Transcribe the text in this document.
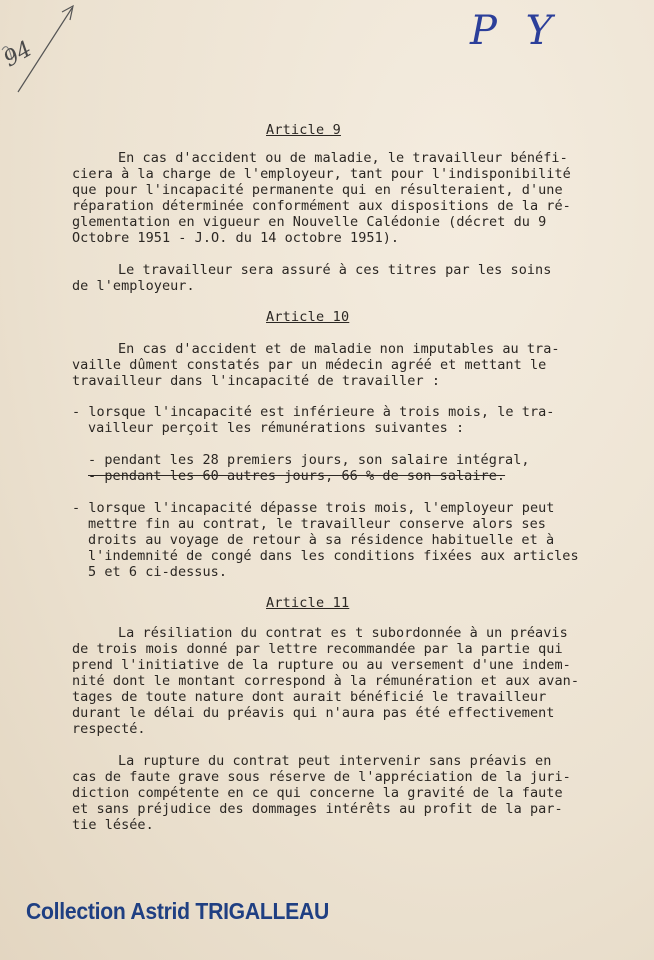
94
P Y
Article 9
En cas d'accident ou de maladie, le travailleur bénéfi-
ciera à la charge de l'employeur, tant pour l'indisponibilité
que pour l'incapacité permanente qui en résulteraient, d'une
réparation déterminée conformément aux dispositions de la ré-
glementation en vigueur en Nouvelle Calédonie (décret du 9
Octobre 1951 - J.O. du 14 octobre 1951).
Le travailleur sera assuré à ces titres par les soins
de l'employeur.
Article 10
En cas d'accident et de maladie non imputables au tra-
vaille dûment constatés par un médecin agréé et mettant le
travailleur dans l'incapacité de travailler :
- lorsque l'incapacité est inférieure à trois mois, le tra-
vailleur perçoit les rémunérations suivantes :
- pendant les 28 premiers jours, son salaire intégral,
- pendant les 60 autres jours, 66 % de son salaire.
- lorsque l'incapacité dépasse trois mois, l'employeur peut
mettre fin au contrat, le travailleur conserve alors ses
droits au voyage de retour à sa résidence habituelle et à
l'indemnité de congé dans les conditions fixées aux articles
5 et 6 ci-dessus.
Article 11
La résiliation du contrat es t subordonnée à un préavis
de trois mois donné par lettre recommandée par la partie qui
prend l'initiative de la rupture ou au versement d'une indem-
nité dont le montant correspond à la rémunération et aux avan-
tages de toute nature dont aurait bénéficié le travailleur
durant le délai du préavis qui n'aura pas été effectivement
respecté.
La rupture du contrat peut intervenir sans préavis en
cas de faute grave sous réserve de l'appréciation de la juri-
diction compétente en ce qui concerne la gravité de la faute
et sans préjudice des dommages intérêts au profit de la par-
tie lésée.
Collection Astrid TRIGALLEAU
